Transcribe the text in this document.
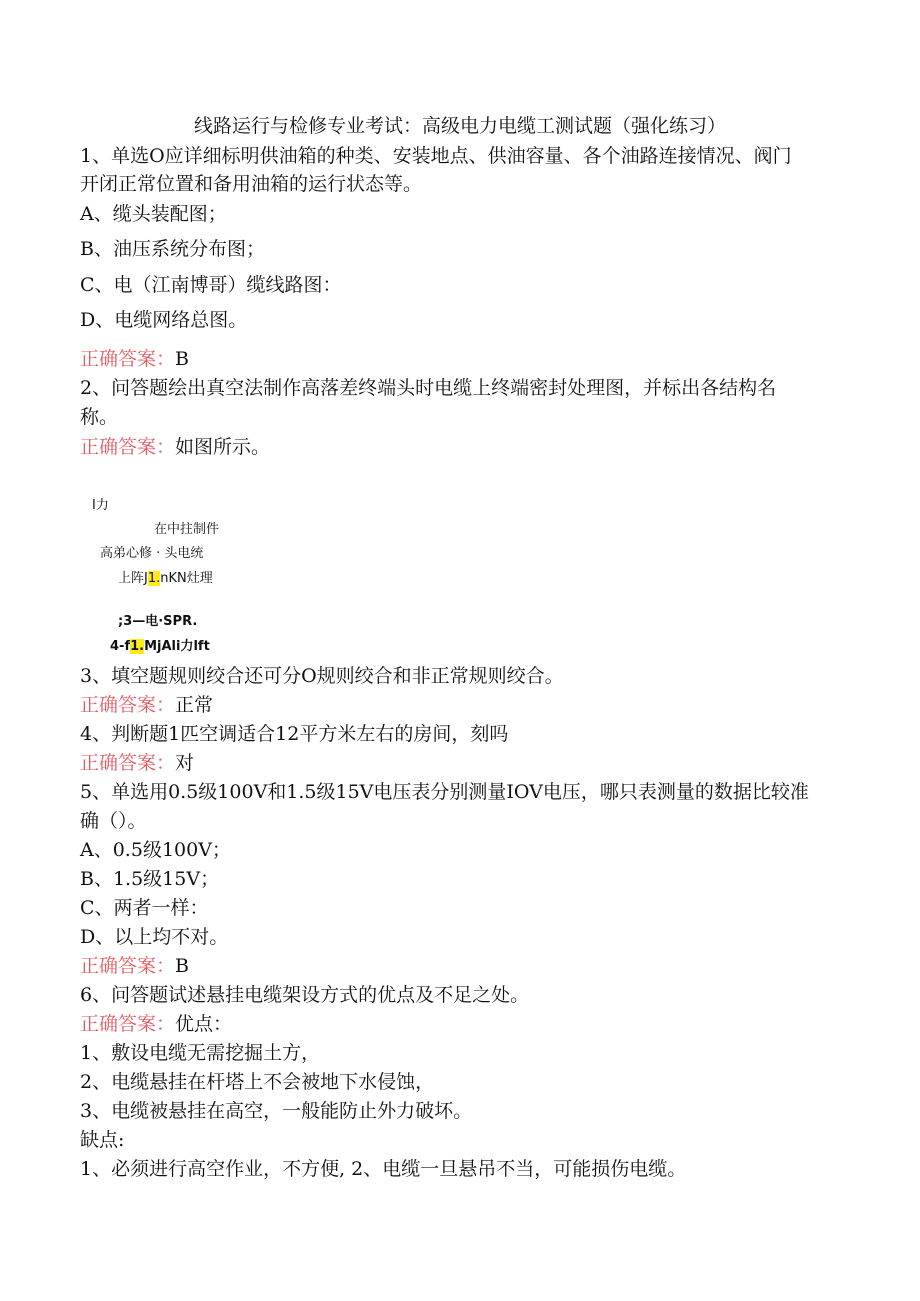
线路运行与检修专业考试：高级电力电缆工测试题（强化练习）
1、单选O应详细标明供油箱的种类、安装地点、供油容量、各个油路连接情况、阀门
开闭正常位置和备用油箱的运行状态等。
A、缆头装配图；
B、油压系统分布图；
C、电（江南博哥）缆线路图：
D、电缆网络总图。
正确答案：B
2、问答题绘出真空法制作高落差终端头时电缆上终端密封处理图，并标出各结构名
称。
正确答案：如图所示。
I力
在中拄制件
高弟心修 · 头电统
上阵J1.nKN灶理
;3—电·SPR.
4-f1.MjAli力lft
3、填空题规则绞合还可分O规则绞合和非正常规则绞合。
正确答案：正常
4、判断题1匹空调适合12平方米左右的房间，刻吗
正确答案：对
5、单选用0.5级100V和1.5级15V电压表分别测量IOV电压，哪只表测量的数据比较准
确（）。
A、0.5级100V；
B、1.5级15V；
C、两者一样：
D、以上均不对。
正确答案：B
6、问答题试述悬挂电缆架设方式的优点及不足之处。
正确答案：优点：
1、敷设电缆无需挖掘土方，
2、电缆悬挂在杆塔上不会被地下水侵蚀，
3、电缆被悬挂在高空，一般能防止外力破坏。
缺点:
1、必须进行高空作业，不方便, 2、电缆一旦悬吊不当，可能损伤电缆。
